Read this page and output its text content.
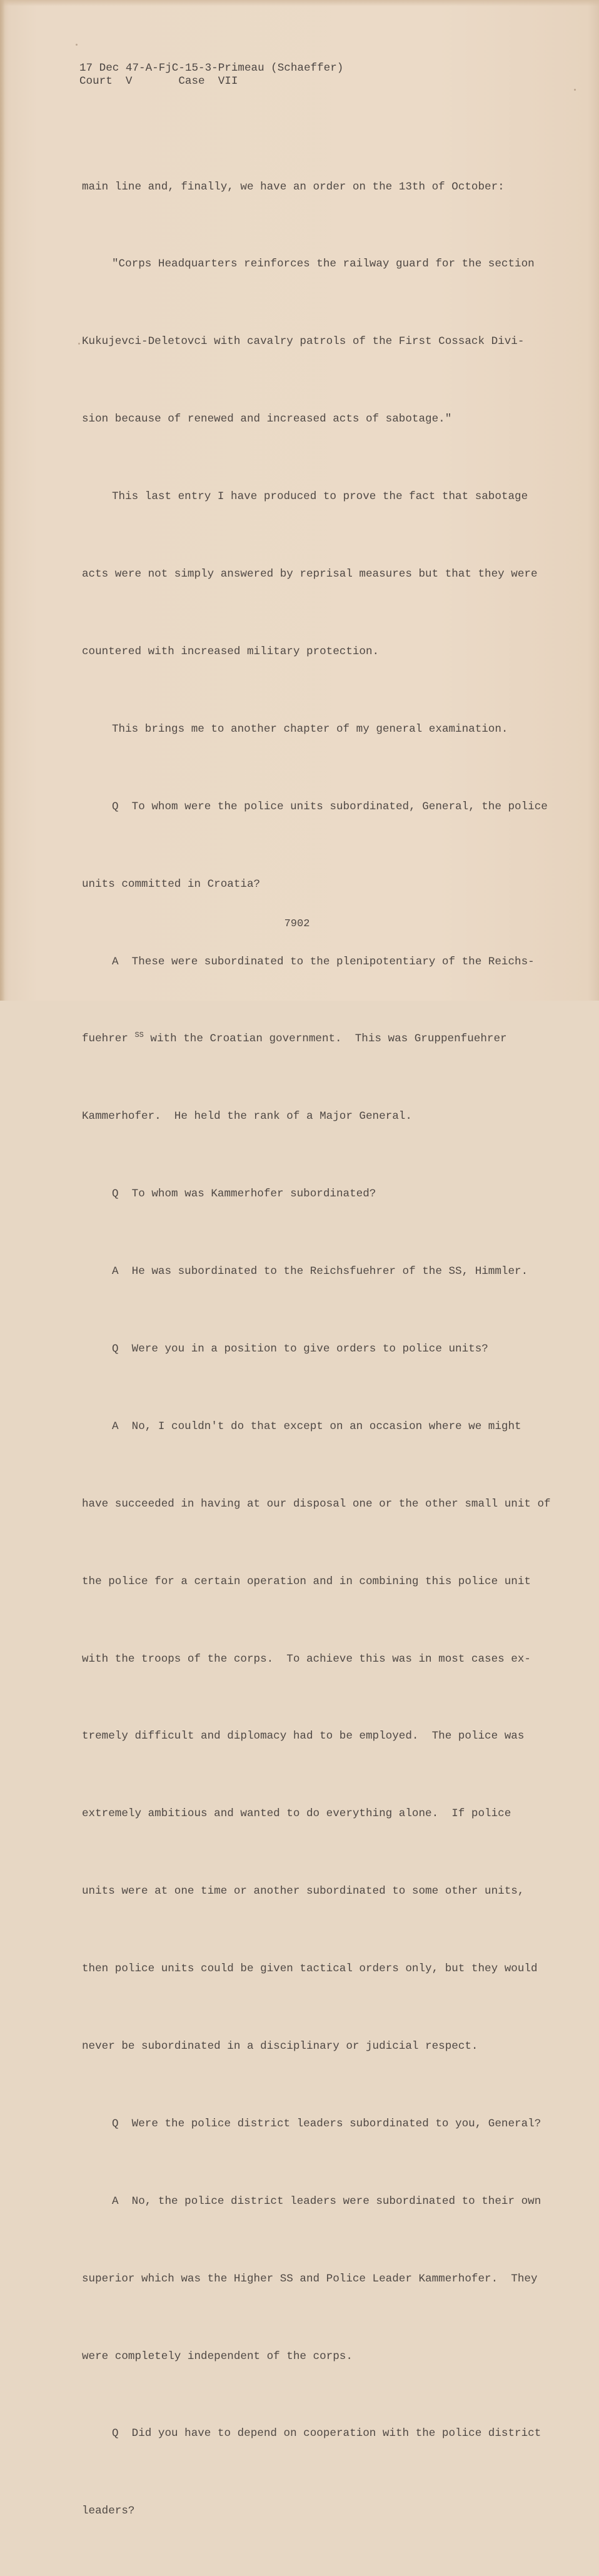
17 Dec 47-A-FjC-15-3-Primeau (Schaeffer)
Court  V       Case  VII

main line and, finally, we have an order on the 13th of October:

"Corps Headquarters reinforces the railway guard for the section

Kukujevci-Deletovci with cavalry patrols of the First Cossack Divi-

sion because of renewed and increased acts of sabotage."

This last entry I have produced to prove the fact that sabotage

acts were not simply answered by reprisal measures but that they were

countered with increased military protection.

This brings me to another chapter of my general examination.

Q  To whom were the police units subordinated, General, the police

units committed in Croatia?

A  These were subordinated to the plenipotentiary of the Reichs-

fuehrer $^{SS}$ with the Croatian government.  This was Gruppenfuehrer

Kammerhofer.  He held the rank of a Major General.

Q  To whom was Kammerhofer subordinated?

A  He was subordinated to the Reichsfuehrer of the SS, Himmler.

Q  Were you in a position to give orders to police units?

A  No, I couldn't do that except on an occasion where we might

have succeeded in having at our disposal one or the other small unit of

the police for a certain operation and in combining this police unit

with the troops of the corps.  To achieve this was in most cases ex-

tremely difficult and diplomacy had to be employed.  The police was

extremely ambitious and wanted to do everything alone.  If police

units were at one time or another subordinated to some other units,

then police units could be given tactical orders only, but they would

never be subordinated in a disciplinary or judicial respect.

Q  Were the police district leaders subordinated to you, General?

A  No, the police district leaders were subordinated to their own

superior which was the Higher SS and Police Leader Kammerhofer.  They

were completely independent of the corps.

Q  Did you have to depend on cooperation with the police district

leaders?

7902
